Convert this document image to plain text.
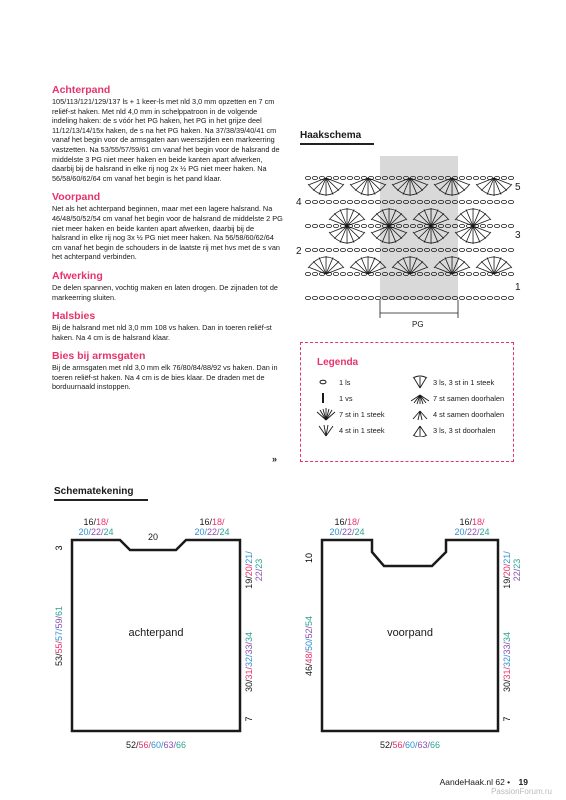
Achterpand
105/113/121/129/137 ls + 1 keer-ls met nld 3,0 mm opzetten en 7 cm reliëf-st haken. Met nld 4,0 mm in schelppatroon in de volgende indeling haken: de s vóór het PG haken, het PG in het grijze deel 11/12/13/14/15x haken, de s na het PG haken. Na 37/38/39/40/41 cm vanaf het begin voor de armsgaten aan weerszijden een markeerring vastzetten. Na 53/55/57/59/61 cm vanaf het begin voor de halsrand de middelste 3 PG niet meer haken en beide kanten apart afwerken, daarbij bij de halsrand in elke rij nog 2x ½ PG niet meer haken. Na 56/58/60/62/64 cm vanaf het begin is het pand klaar.
Voorpand
Net als het achterpand beginnen, maar met een lagere halsrand. Na 46/48/50/52/54 cm vanaf het begin voor de halsrand de middelste 2 PG niet meer haken en beide kanten apart afwerken, daarbij bij de halsrand in elke rij nog 3x ½ PG niet meer haken. Na 56/58/60/62/64 cm vanaf het begin de schouders in de laatste rij met hvs met de s van het achterpand verbinden.
Afwerking
De delen spannen, vochtig maken en laten drogen. De zijnaden tot de markeerring sluiten.
Halsbies
Bij de halsrand met nld 3,0 mm 108 vs haken. Dan in toeren reliëf-st haken. Na 4 cm is de halsrand klaar.
Bies bij armsgaten
Bij de armsgaten met nld 3,0 mm elk 76/80/84/88/92 vs haken. Dan in toeren reliëf-st haken. Na 4 cm is de bies klaar. De draden met de borduurnaald instoppen.
»
Haakschema
5
3
1
4
2
PG
Legenda
1 ls	3 ls, 3 st in 1 steek
1 vs	7 st samen doorhalen
7 st in 1 steek	4 st samen doorhalen
4 st in 1 steek	3 ls, 3 st doorhalen
Schematekening
achterpand
20
16/18/
20/22/24
16/18/
20/22/24
3
53/55/57/59/61
19/20/21/
22/23
30/31/32/33/34
7
52/56/60/63/66
voorpand
16/18/
20/22/24
16/18/
20/22/24
10
46/48/50/52/54
19/20/21/
22/23
30/31/32/33/34
7
52/56/60/63/66
AandeHaak.nl 62 • 19
PassionForum.ru
